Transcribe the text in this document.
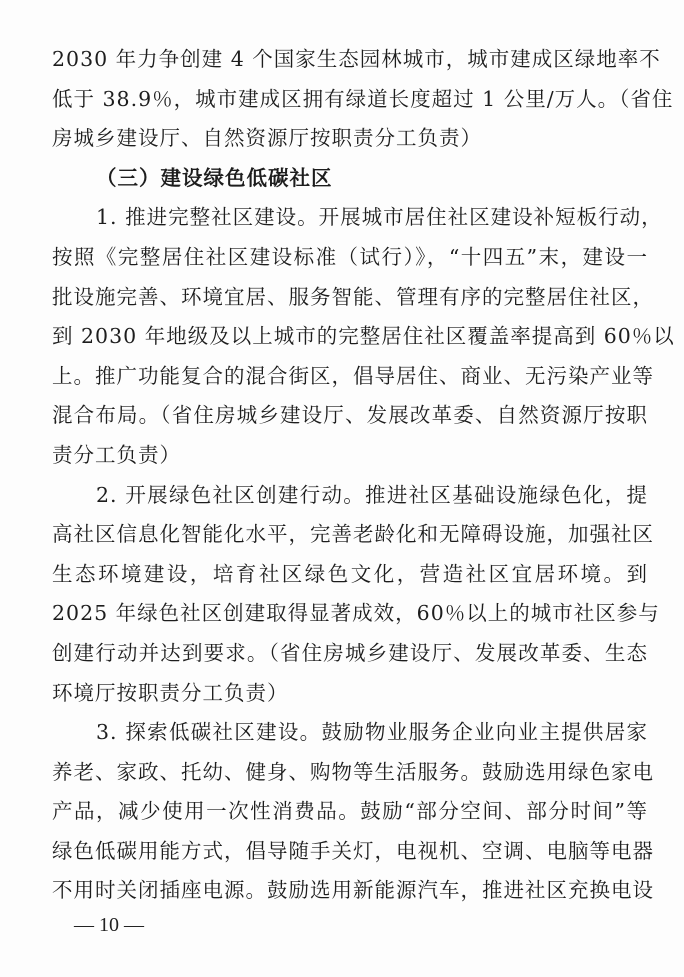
2030 年力争创建 4 个国家生态园林城市，城市建成区绿地率不
低于 38.9％，城市建成区拥有绿道长度超过 1 公里/万人。（省住
房城乡建设厅、自然资源厅按职责分工负责）
（三）建设绿色低碳社区
1. 推进完整社区建设。开展城市居住社区建设补短板行动，
按照《完整居住社区建设标准（试行）》，“十四五”末，建设一
批设施完善、环境宜居、服务智能、管理有序的完整居住社区，
到 2030 年地级及以上城市的完整居住社区覆盖率提高到 60％以
上。推广功能复合的混合街区，倡导居住、商业、无污染产业等
混合布局。（省住房城乡建设厅、发展改革委、自然资源厅按职
责分工负责）
2. 开展绿色社区创建行动。推进社区基础设施绿色化，提
高社区信息化智能化水平，完善老龄化和无障碍设施，加强社区
生态环境建设，培育社区绿色文化，营造社区宜居环境。到
2025 年绿色社区创建取得显著成效，60％以上的城市社区参与
创建行动并达到要求。（省住房城乡建设厅、发展改革委、生态
环境厅按职责分工负责）
3. 探索低碳社区建设。鼓励物业服务企业向业主提供居家
养老、家政、托幼、健身、购物等生活服务。鼓励选用绿色家电
产品，减少使用一次性消费品。鼓励“部分空间、部分时间”等
绿色低碳用能方式，倡导随手关灯，电视机、空调、电脑等电器
不用时关闭插座电源。鼓励选用新能源汽车，推进社区充换电设
— 10 —
